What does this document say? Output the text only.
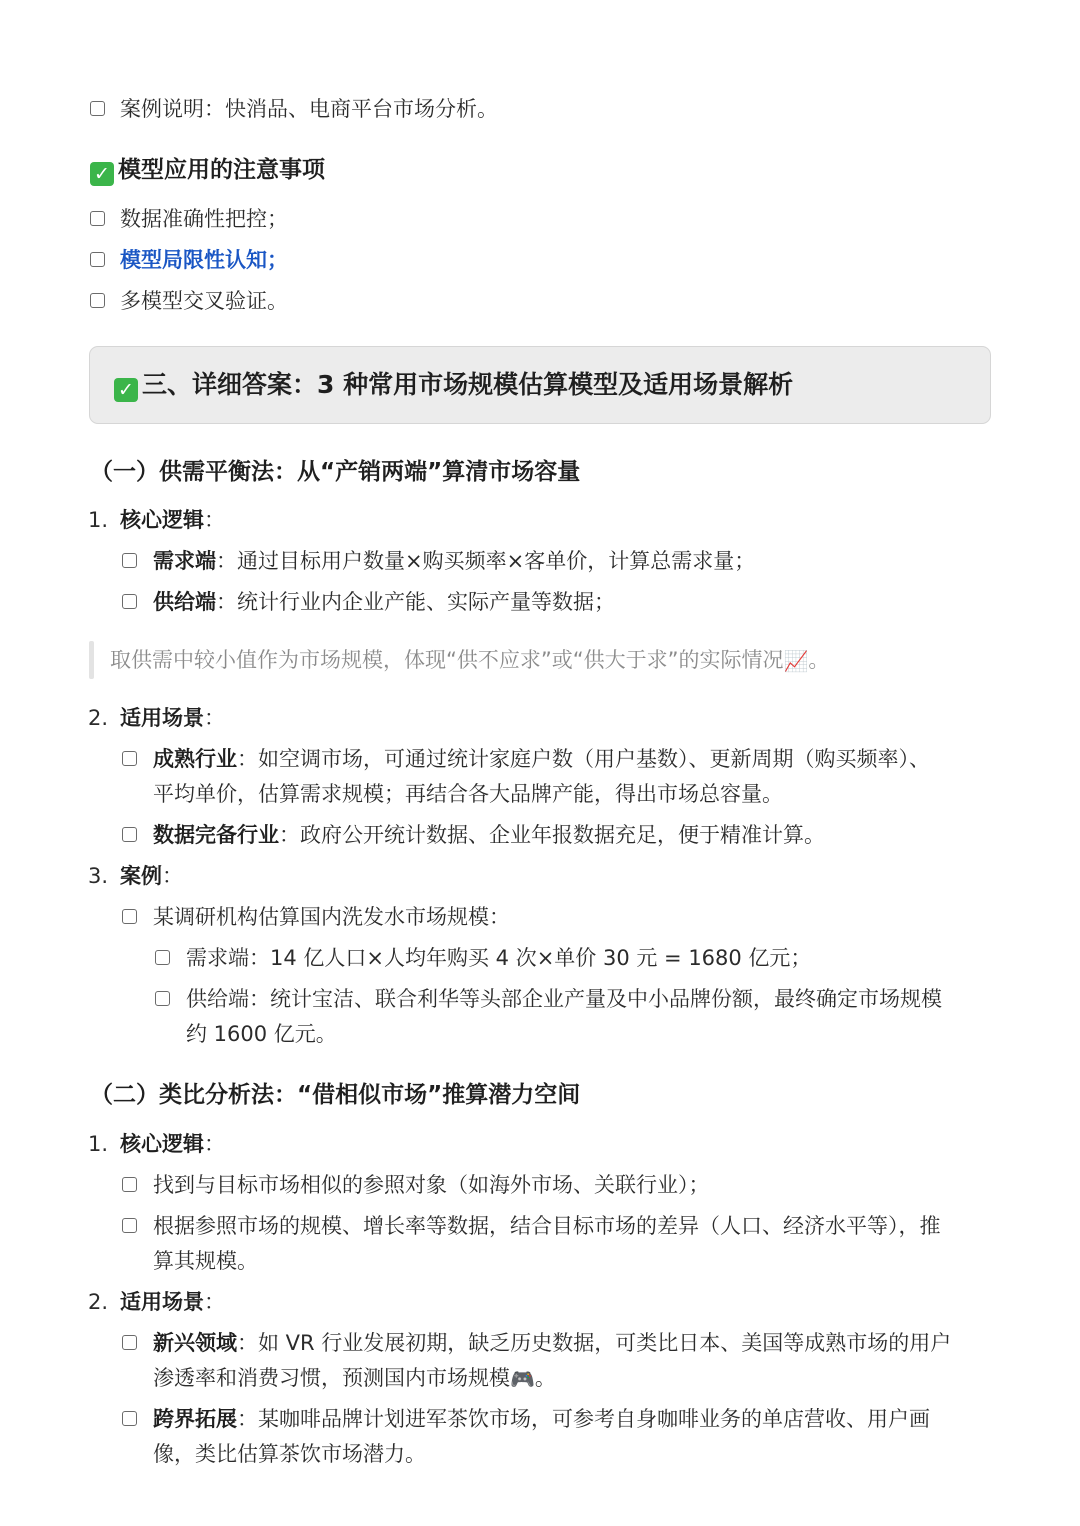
案例说明：快消品、电商平台市场分析。
✓ 模型应用的注意事项
数据准确性把控；
模型局限性认知；
多模型交叉验证。
✓ 三、详细答案：3 种常用市场规模估算模型及适用场景解析
（一）供需平衡法：从“产销两端”算清市场容量
1. 核心逻辑：
需求端：通过目标用户数量×购买频率×客单价，计算总需求量；
供给端：统计行业内企业产能、实际产量等数据；
取供需中较小值作为市场规模，体现“供不应求”或“供大于求”的实际情况📈。
2. 适用场景：
成熟行业：如空调市场，可通过统计家庭户数（用户基数）、更新周期（购买频率）、
平均单价，估算需求规模；再结合各大品牌产能，得出市场总容量。
数据完备行业：政府公开统计数据、企业年报数据充足，便于精准计算。
3. 案例：
某调研机构估算国内洗发水市场规模：
需求端：14 亿人口×人均年购买 4 次×单价 30 元 = 1680 亿元；
供给端：统计宝洁、联合利华等头部企业产量及中小品牌份额，最终确定市场规模
约 1600 亿元。
（二）类比分析法：“借相似市场”推算潜力空间
1. 核心逻辑：
找到与目标市场相似的参照对象（如海外市场、关联行业）；
根据参照市场的规模、增长率等数据，结合目标市场的差异（人口、经济水平等），推
算其规模。
2. 适用场景：
新兴领域：如 VR 行业发展初期，缺乏历史数据，可类比日本、美国等成熟市场的用户
渗透率和消费习惯，预测国内市场规模🎮。
跨界拓展：某咖啡品牌计划进军茶饮市场，可参考自身咖啡业务的单店营收、用户画
像，类比估算茶饮市场潜力。
